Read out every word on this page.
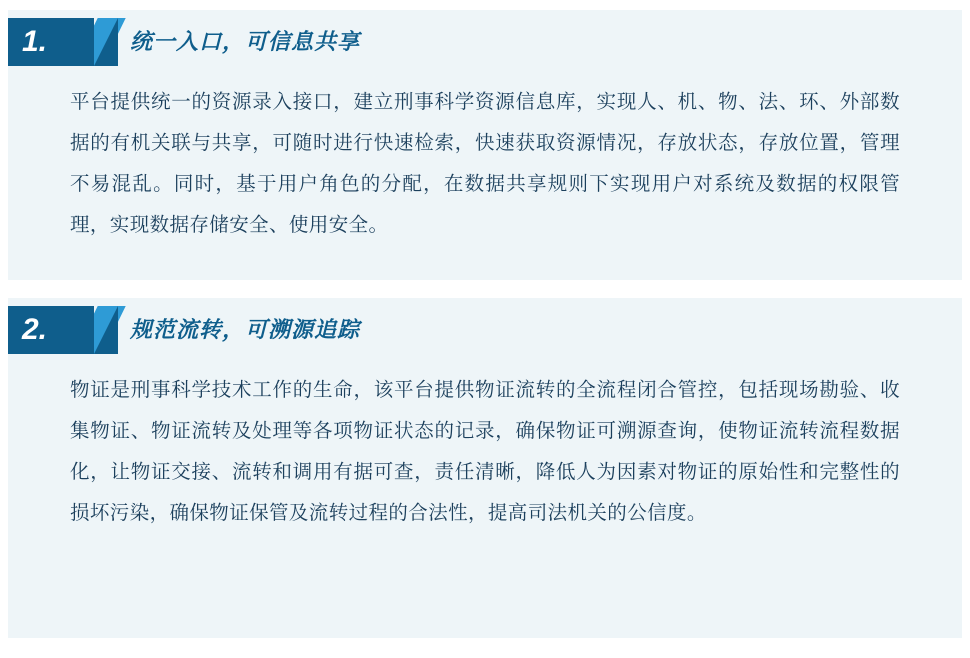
1.	统一入口，可信息共享
平台提供统一的资源录入接口，建立刑事科学资源信息库，实现人、机、物、法、环、外部数据的有机关联与共享，可随时进行快速检索，快速获取资源情况，存放状态，存放位置，管理不易混乱。同时，基于用户角色的分配，在数据共享规则下实现用户对系统及数据的权限管理，实现数据存储安全、使用安全。
2.	规范流转，可溯源追踪
物证是刑事科学技术工作的生命，该平台提供物证流转的全流程闭合管控，包括现场勘验、收集物证、物证流转及处理等各项物证状态的记录，确保物证可溯源查询，使物证流转流程数据化，让物证交接、流转和调用有据可查，责任清晰，降低人为因素对物证的原始性和完整性的损坏污染，确保物证保管及流转过程的合法性，提高司法机关的公信度。
